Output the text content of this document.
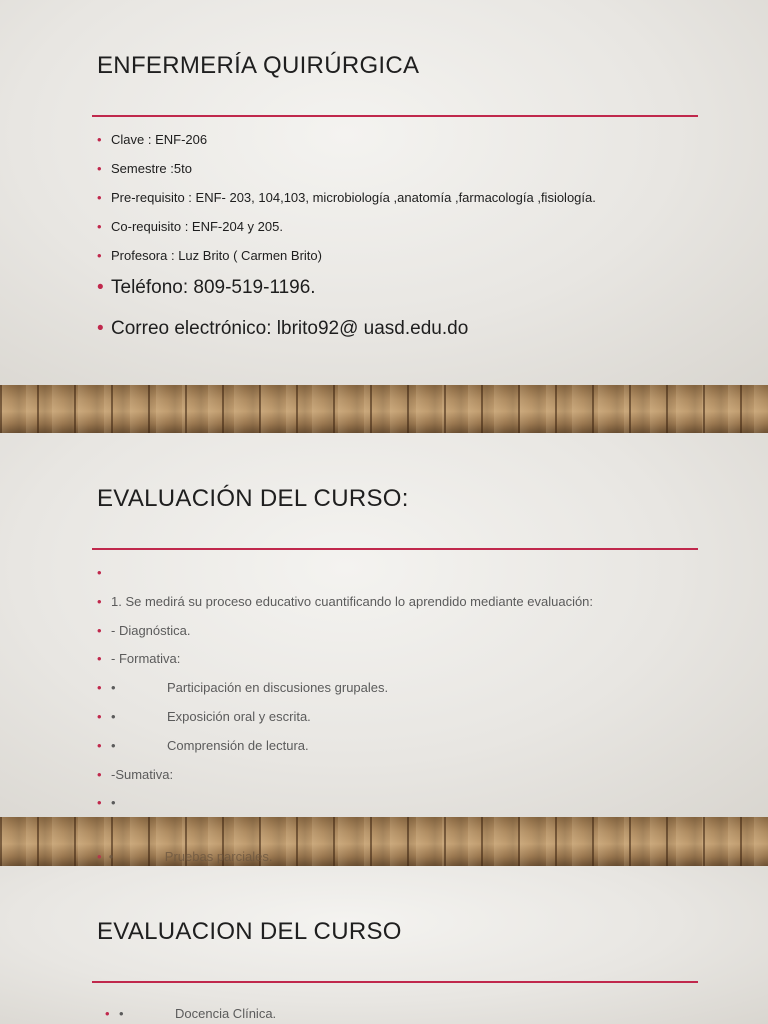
ENFERMERÍA QUIRÚRGICA
• Clave : ENF-206
• Semestre :5to
• Pre-requisito : ENF- 203, 104,103, microbiología ,anatomía ,farmacología ,fisiología.
• Co-requisito : ENF-204 y 205.
• Profesora : Luz Brito ( Carmen Brito)
• Teléfono: 809-519-1196.
• Correo electrónico: lbrito92@ uasd.edu.do
EVALUACIÓN DEL CURSO:
•
• 1. Se medirá su proceso educativo cuantificando lo aprendido mediante evaluación:
• - Diagnóstica.
• - Formativa:
• •	Participación en discusiones grupales.
• •	Exposición oral y escrita.
• •	Comprensión de lectura.
• -Sumativa:
• •
• •	Pruebas parciales.
EVALUACION DEL CURSO
• •	Docencia Clínica.
